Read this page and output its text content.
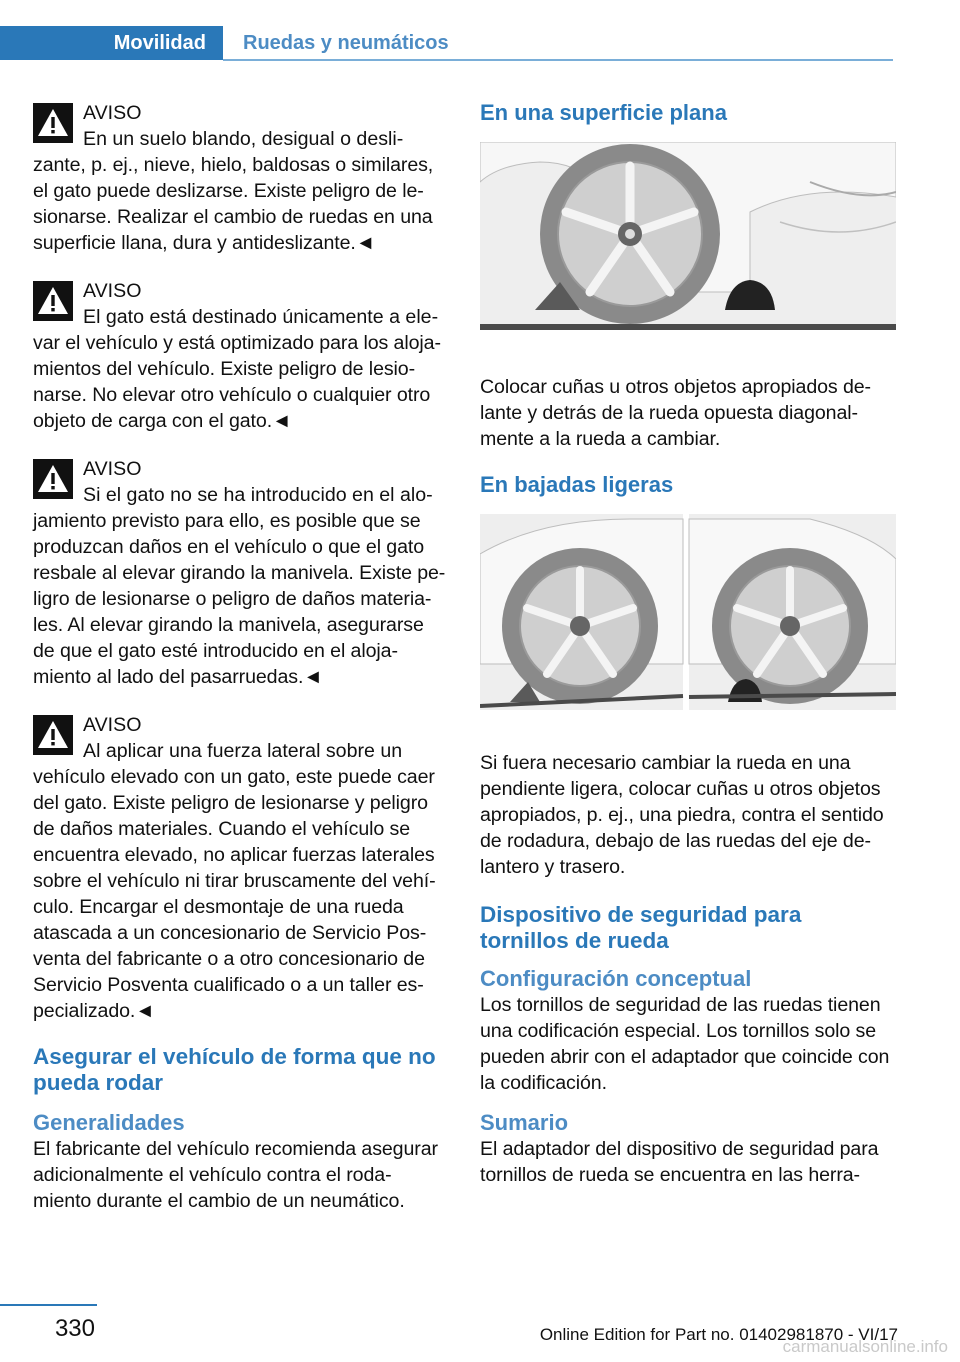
Movilidad	Ruedas y neumáticos
AVISO
En un suelo blando, desigual o desli-

zante, p. ej., nieve, hielo, baldosas o similares, el gato puede deslizarse. Existe peligro de le-sionarse. Realizar el cambio de ruedas en una superficie llana, dura y antideslizante.◄

AVISO
El gato está destinado únicamente a ele-

var el vehículo y está optimizado para los aloja-mientos del vehículo. Existe peligro de lesio-narse. No elevar otro vehículo o cualquier otro objeto de carga con el gato.◄

AVISO
Si el gato no se ha introducido en el alo-

jamiento previsto para ello, es posible que se produzcan daños en el vehículo o que el gato resbale al elevar girando la manivela. Existe pe-ligro de lesionarse o peligro de daños materia-les. Al elevar girando la manivela, asegurarse de que el gato esté introducido en el aloja-miento al lado del pasarruedas.◄

AVISO
Al aplicar una fuerza lateral sobre un

vehículo elevado con un gato, este puede caer del gato. Existe peligro de lesionarse y peligro de daños materiales. Cuando el vehículo se encuentra elevado, no aplicar fuerzas laterales sobre el vehículo ni tirar bruscamente del vehí-culo. Encargar el desmontaje de una rueda atascada a un concesionario de Servicio Pos-venta del fabricante o a otro concesionario de Servicio Posventa cualificado o a un taller es-pecializado.◄

Asegurar el vehículo de forma que no pueda rodar
Generalidades

El fabricante del vehículo recomienda asegurar adicionalmente el vehículo contra el roda-miento durante el cambio de un neumático.

En una superficie plana

Colocar cuñas u otros objetos apropiados de-lante y detrás de la rueda opuesta diagonal-mente a la rueda a cambiar.

En bajadas ligeras

Si fuera necesario cambiar la rueda en una pendiente ligera, colocar cuñas u otros objetos apropiados, p. ej., una piedra, contra el sentido de rodadura, debajo de las ruedas del eje de-lantero y trasero.

Dispositivo de seguridad para tornillos de rueda
Configuración conceptual

Los tornillos de seguridad de las ruedas tienen una codificación especial. Los tornillos solo se pueden abrir con el adaptador que coincide con la codificación.

Sumario

El adaptador del dispositivo de seguridad para tornillos de rueda se encuentra en las herra-

330	Online Edition for Part no. 01402981870 - VI/17
carmanualsonline.info
